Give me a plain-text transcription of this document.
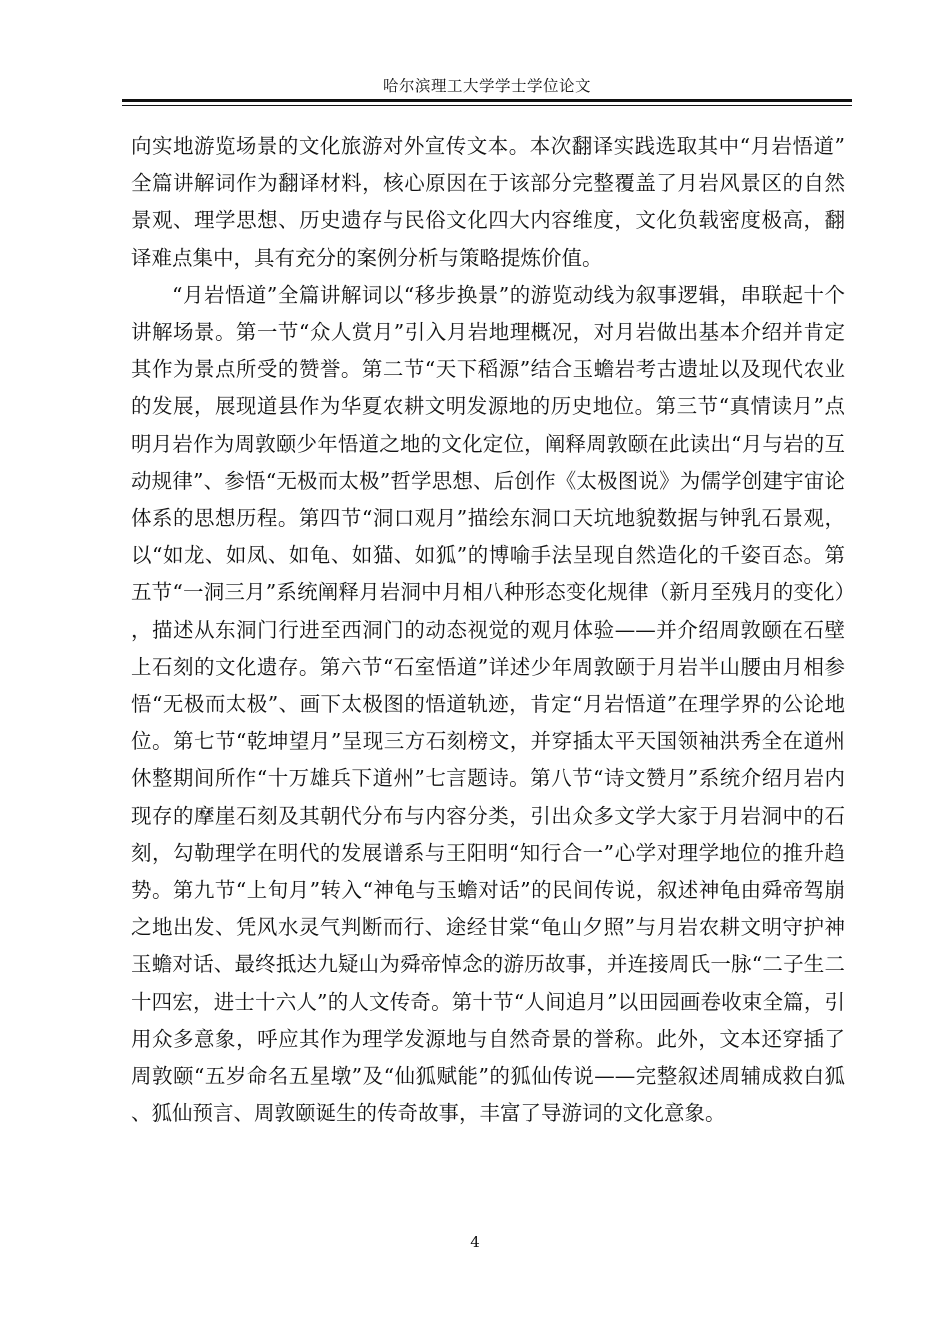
哈尔滨理工大学学士学位论文

向实地游览场景的文化旅游对外宣传文本。本次翻译实践选取其中“月岩悟道”全篇讲解词作为翻译材料，核心原因在于该部分完整覆盖了月岩风景区的自然景观、理学思想、历史遗存与民俗文化四大内容维度，文化负载密度极高，翻译难点集中，具有充分的案例分析与策略提炼价值。

“月岩悟道”全篇讲解词以“移步换景”的游览动线为叙事逻辑，串联起十个讲解场景。第一节“众人赏月”引入月岩地理概况，对月岩做出基本介绍并肯定其作为景点所受的赞誉。第二节“天下稻源”结合玉蟾岩考古遗址以及现代农业的发展，展现道县作为华夏农耕文明发源地的历史地位。第三节“真情读月”点明月岩作为周敦颐少年悟道之地的文化定位，阐释周敦颐在此读出“月与岩的互动规律”、参悟“无极而太极”哲学思想、后创作《太极图说》为儒学创建宇宙论体系的思想历程。第四节“洞口观月”描绘东洞口天坑地貌数据与钟乳石景观，以“如龙、如凤、如龟、如猫、如狐”的博喻手法呈现自然造化的千姿百态。第五节“一洞三月”系统阐释月岩洞中月相八种形态变化规律（新月至残月的变化），描述从东洞门行进至西洞门的动态视觉的观月体验——并介绍周敦颐在石壁上石刻的文化遗存。第六节“石室悟道”详述少年周敦颐于月岩半山腰由月相参悟“无极而太极”、画下太极图的悟道轨迹，肯定“月岩悟道”在理学界的公论地位。第七节“乾坤望月”呈现三方石刻榜文，并穿插太平天国领袖洪秀全在道州休整期间所作“十万雄兵下道州”七言题诗。第八节“诗文赞月”系统介绍月岩内现存的摩崖石刻及其朝代分布与内容分类，引出众多文学大家于月岩洞中的石刻，勾勒理学在明代的发展谱系与王阳明“知行合一”心学对理学地位的推升趋势。第九节“上旬月”转入“神龟与玉蟾对话”的民间传说，叙述神龟由舜帝驾崩之地出发、凭风水灵气判断而行、途经甘棠“龟山夕照”与月岩农耕文明守护神玉蟾对话、最终抵达九疑山为舜帝悼念的游历故事，并连接周氏一脉“二子生二十四宏，进士十六人”的人文传奇。第十节“人间追月”以田园画卷收束全篇，引用众多意象，呼应其作为理学发源地与自然奇景的誉称。此外，文本还穿插了周敦颐“五岁命名五星墩”及“仙狐赋能”的狐仙传说——完整叙述周辅成救白狐、狐仙预言、周敦颐诞生的传奇故事，丰富了导游词的文化意象。

4
